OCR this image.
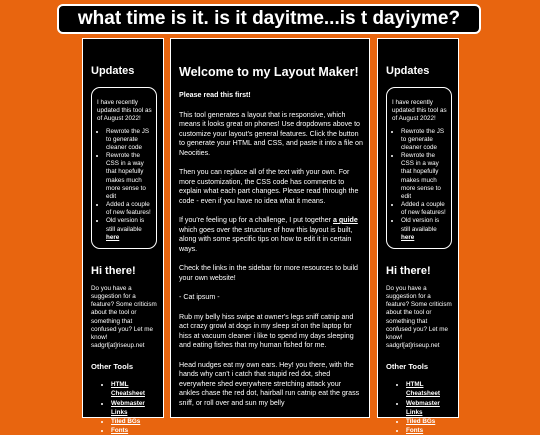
what time is it. is it dayitme...is t dayiyme?
Updates
I have recently updated this tool as of August 2022!
• Rewrote the JS to generate cleaner code
• Rewrote the CSS in a way that hopefully makes much more sense to edit
• Added a couple of new features!
• Old version is still available here
Hi there!
Do you have a suggestion for a feature? Some criticism about the tool or something that confused you? Let me know! sadgrl[at]riseup.net
Other Tools
• HTML Cheatsheet
• Webmaster Links
• Tiled BGs
• Fonts
Welcome to my Layout Maker!
Please read this first!
This tool generates a layout that is responsive, which means it looks great on phones! Use dropdowns above to customize your layout's general features. Click the button to generate your HTML and CSS, and paste it into a file on Neocities.
Then you can replace all of the text with your own. For more customization, the CSS code has comments to explain what each part changes. Please read through the code - even if you have no idea what it means.
If you're feeling up for a challenge, I put together a guide which goes over the structure of how this layout is built, along with some specific tips on how to edit it in certain ways.
Check the links in the sidebar for more resources to build your own website!
- Cat ipsum -
Rub my belly hiss swipe at owner's legs sniff catnip and act crazy growl at dogs in my sleep sit on the laptop for hiss at vacuum cleaner i like to spend my days sleeping and eating fishes that my human fished for me.
Head nudges eat my own ears. Hey! you there, with the hands why can't i catch that stupid red dot, shed everywhere shed everywhere stretching attack your ankles chase the red dot, hairball run catnip eat the grass sniff, or roll over and sun my belly
Updates
I have recently updated this tool as of August 2022!
• Rewrote the JS to generate cleaner code
• Rewrote the CSS in a way that hopefully makes much more sense to edit
• Added a couple of new features!
• Old version is still available here
Hi there!
Do you have a suggestion for a feature? Some criticism about the tool or something that confused you? Let me know! sadgrl[at]riseup.net
Other Tools
• HTML Cheatsheet
• Webmaster Links
• Tiled BGs
• Fonts
